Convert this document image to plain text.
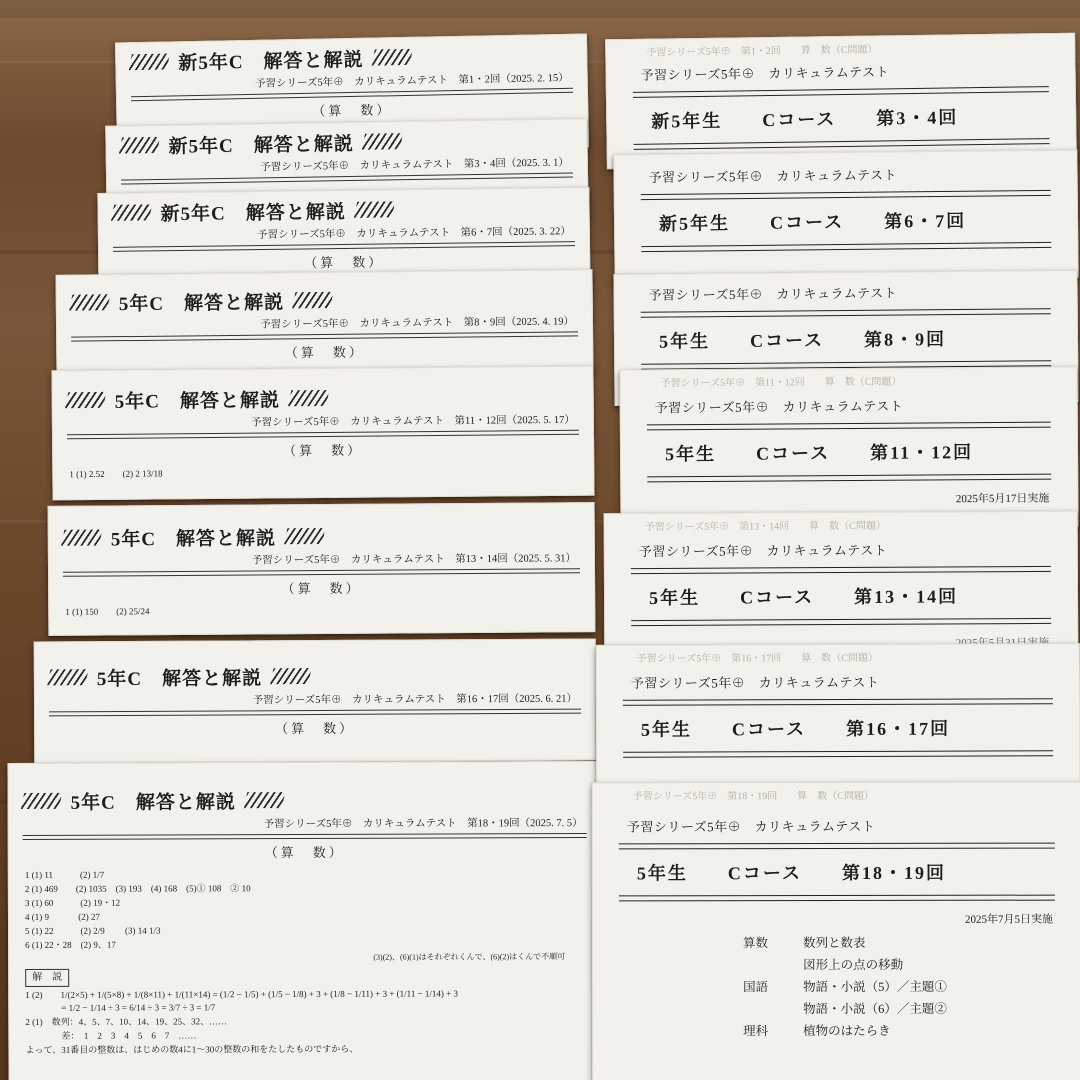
新5年C　解答と解説
予習シリーズ5年⊕　カリキュラムテスト　第1・2回（2025. 2. 15）
（算　数）
新5年C　解答と解説
予習シリーズ5年⊕　カリキュラムテスト　第3・4回（2025. 3. 1）
新5年C　解答と解説
予習シリーズ5年⊕　カリキュラムテスト　第6・7回（2025. 3. 22）
（算　数）
5年C　解答と解説
予習シリーズ5年⊕　カリキュラムテスト　第8・9回（2025. 4. 19）
（算　数）
5年C　解答と解説
予習シリーズ5年⊕　カリキュラムテスト　第11・12回（2025. 5. 17）
（算　数）
1 (1) 2.52　　(2) 2 13/18
5年C　解答と解説
予習シリーズ5年⊕　カリキュラムテスト　第13・14回（2025. 5. 31）
（算　数）
1 (1) 150　　(2) 25/24
5年C　解答と解説
予習シリーズ5年⊕　カリキュラムテスト　第16・17回（2025. 6. 21）
（算　数）
5年C　解答と解説
予習シリーズ5年⊕　カリキュラムテスト　第18・19回（2025. 7. 5）
（算　数）
1 (1) 11　　　(2) 1/7
2 (1) 469　　(2) 1035　(3) 193　(4) 168　(5)① 108　② 10
3 (1) 60　　　(2) 19・12
4 (1) 9　　　 (2) 27
5 (1) 22　　　(2) 2/9　　 (3) 14 1/3
6 (1) 22・28　(2) 9、17
(3)(2)、(6)(1)はそれぞれくんで、(6)(2)はくんで不順可
解　説
1 (2)　　1/(2×5) + 1/(5×8) + 1/(8×11) + 1/(11×14) = (1/2 − 1/5) + (1/5 − 1/8) + 3 + (1/8 − 1/11) + 3 + (1/11 − 1/14) + 3
　　　　= 1/2 − 1/14 ÷ 3 = 6/14 ÷ 3 = 3/7 ÷ 3 = 1/7
2 (1)　数列：4、5、7、10、14、19、25、32、……
　　　　差：　1　2　3　4　5　6　7　……
よって、31番目の整数は、はじめの数4に1～30の整数の和をたしたものですから、
予習シリーズ5年⊕　第1・2回　　算　数（C問題）
予習シリーズ5年⊕　カリキュラムテスト
新5年生　　Cコース　　第3・4回
予習シリーズ5年⊕　カリキュラムテスト
新5年生　　Cコース　　第6・7回
予習シリーズ5年⊕　カリキュラムテスト
5年生　　Cコース　　第8・9回
予習シリーズ5年⊕　第11・12回　　算　数（C問題）
予習シリーズ5年⊕　カリキュラムテスト
5年生　　Cコース　　第11・12回
2025年5月17日実施
予習シリーズ5年⊕　第13・14回　　算　数（C問題）
予習シリーズ5年⊕　カリキュラムテスト
5年生　　Cコース　　第13・14回
予習シリーズ5年⊕　第16・17回　　算　数（C問題）
予習シリーズ5年⊕　カリキュラムテスト
5年生　　Cコース　　第16・17回
予習シリーズ5年⊕　第18・19回　　算　数（C問題）
予習シリーズ5年⊕　カリキュラムテスト
5年生　　Cコース　　第18・19回
2025年7月5日実施
算数	数列と数表
図形上の点の移動
国語	物語・小説（5）／主題①
物語・小説（6）／主題②
理科	植物のはたらき
